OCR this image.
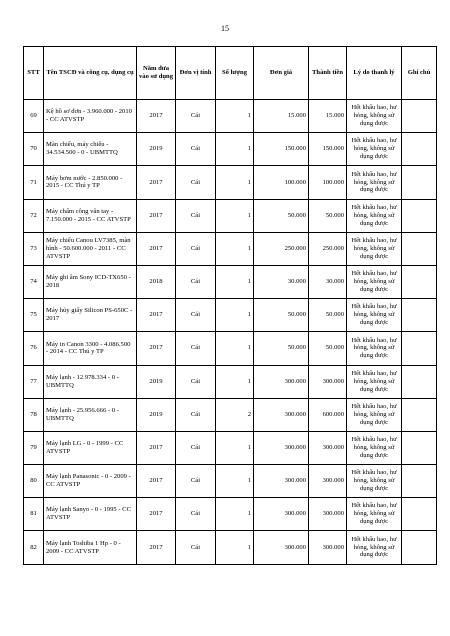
15
STT	Tên TSCĐ và công cụ, dụng cụ	Năm đưa vào sử dụng	Đơn vị tính	Số lượng	Đơn giá	Thành tiền	Lý do thanh lý	Ghi chú
69	Kệ hồ sơ đơn - 3.960.000 - 2010 - CC ATVSTP	2017	Cái	1	15.000	15.000	Hết khấu hao, hư hỏng, không sử dụng được	
70	Màn chiếu, máy chiếu - 34.534.500 - 0 - UBMTTQ	2019	Cái	1	150.000	150.000	Hết khấu hao, hư hỏng, không sử dụng được	
71	Máy bơm nước - 2.850.000 - 2015 - CC Thú y TP	2017	Cái	1	100.000	100.000	Hết khấu hao, hư hỏng, không sử dụng được	
72	Máy chấm công vân tay - 7.150.000 - 2015 - CC ATVSTP	2017	Cái	1	50.000	50.000	Hết khấu hao, hư hỏng, không sử dụng được	
73	Máy chiếu Canou LV7385, màn hình - 50.600.000 - 2011 - CC ATVSTP	2017	Cái	1	250.000	250.000	Hết khấu hao, hư hỏng, không sử dụng được	
74	Máy ghi âm Sony ICD-TX650 - 2018	2018	Cái	1	30.000	30.000	Hết khấu hao, hư hỏng, không sử dụng được	
75	Máy hủy giấy Silicon PS-650C - 2017	2017	Cái	1	50.000	50.000	Hết khấu hao, hư hỏng, không sử dụng được	
76	Máy in Canon 3300 - 4.086.500 - 2014 - CC Thú y TP	2017	Cái	1	50.000	50.000	Hết khấu hao, hư hỏng, không sử dụng được	
77	Máy lạnh - 12.978.334 - 0 - UBMTTQ	2019	Cái	1	300.000	300.000	Hết khấu hao, hư hỏng, không sử dụng được	
78	Máy lạnh - 25.956.666 - 0 - UBMTTQ	2019	Cái	2	300.000	600.000	Hết khấu hao, hư hỏng, không sử dụng được	
79	Máy lạnh LG - 0 - 1999 - CC ATVSTP	2017	Cái	1	300.000	300.000	Hết khấu hao, hư hỏng, không sử dụng được	
80	Máy lạnh Panasonic - 0 - 2009 - CC ATVSTP	2017	Cái	1	300.000	300.000	Hết khấu hao, hư hỏng, không sử dụng được	
81	Máy lạnh Sanyo - 0 - 1995 - CC ATVSTP	2017	Cái	1	300.000	300.000	Hết khấu hao, hư hỏng, không sử dụng được	
82	Máy lạnh Toshiba 1 Hp - 0 - 2009 - CC ATVSTP	2017	Cái	1	300.000	300.000	Hết khấu hao, hư hỏng, không sử dụng được	
